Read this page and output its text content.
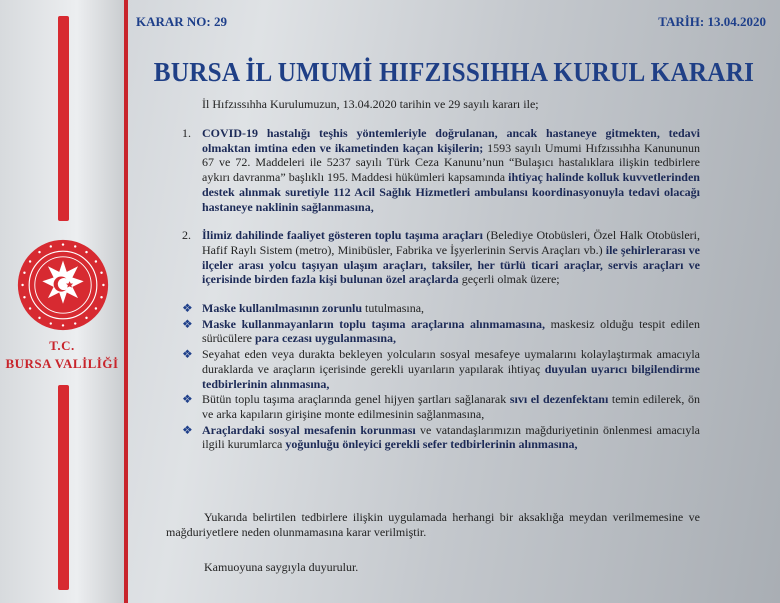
T.C.
BURSA VALİLİĞİ
KARAR NO: 29	TARİH: 13.04.2020
BURSA İL UMUMİ HIFZISSIHHA KURUL KARARI
İl Hıfzıssıhha Kurulumuzun, 13.04.2020 tarihin ve 29 sayılı kararı ile;
1. COVID-19 hastalığı teşhis yöntemleriyle doğrulanan, ancak hastaneye gitmekten, tedavi olmaktan imtina eden ve ikametinden kaçan kişilerin; 1593 sayılı Umumi Hıfzıssıhha Kanununun 67 ve 72. Maddeleri ile 5237 sayılı Türk Ceza Kanunu’nun “Bulaşıcı hastalıklara ilişkin tedbirlere aykırı davranma” başlıklı 195. Maddesi hükümleri kapsamında ihtiyaç halinde kolluk kuvvetlerinden destek alınmak suretiyle 112 Acil Sağlık Hizmetleri ambulansı koordinasyonuyla tedavi olacağı hastaneye naklinin sağlanmasına,
2. İlimiz dahilinde faaliyet gösteren toplu taşıma araçları (Belediye Otobüsleri, Özel Halk Otobüsleri, Hafif Raylı Sistem (metro), Minibüsler, Fabrika ve İşyerlerinin Servis Araçları vb.) ile şehirlerarası ve ilçeler arası yolcu taşıyan ulaşım araçları, taksiler, her türlü ticari araçlar, servis araçları ve içerisinde birden fazla kişi bulunan özel araçlarda geçerli olmak üzere;
❖ Maske kullanılmasının zorunlu tutulmasına,
❖ Maske kullanmayanların toplu taşıma araçlarına alınmamasına, maskesiz olduğu tespit edilen sürücülere para cezası uygulanmasına,
❖ Seyahat eden veya durakta bekleyen yolcuların sosyal mesafeye uymalarını kolaylaştırmak amacıyla duraklarda ve araçların içerisinde gerekli uyarıların yapılarak ihtiyaç duyulan uyarıcı bilgilendirme tedbirlerinin alınmasına,
❖ Bütün toplu taşıma araçlarında genel hijyen şartları sağlanarak sıvı el dezenfektanı temin edilerek, ön ve arka kapıların girişine monte edilmesinin sağlanmasına,
❖ Araçlardaki sosyal mesafenin korunması ve vatandaşlarımızın mağduriyetinin önlenmesi amacıyla ilgili kurumlarca yoğunluğu önleyici gerekli sefer tedbirlerinin alınmasına,
Yukarıda belirtilen tedbirlere ilişkin uygulamada herhangi bir aksaklığa meydan verilmemesine ve mağduriyetlere neden olunmamasına karar verilmiştir.
Kamuoyuna saygıyla duyurulur.
